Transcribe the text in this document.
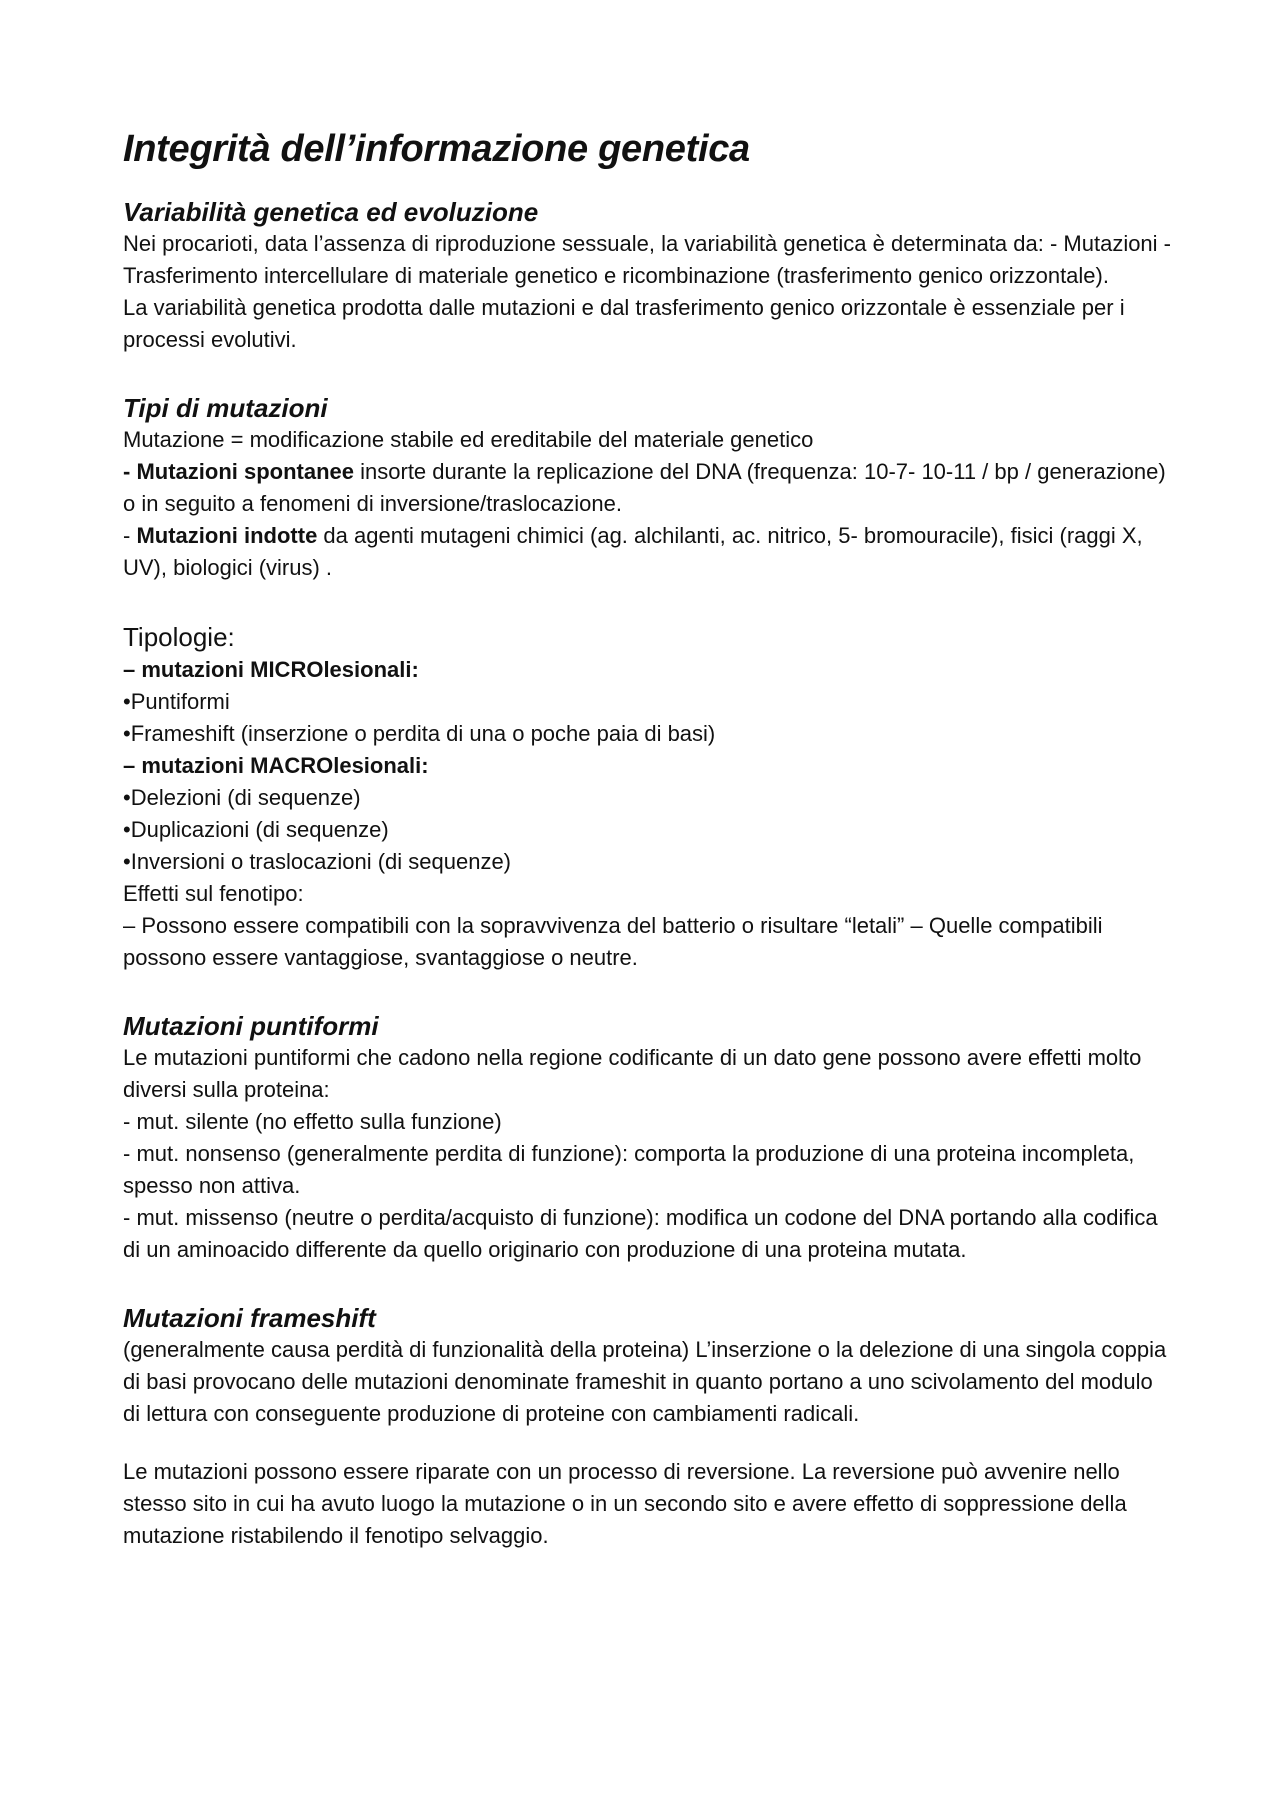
Integrità dell’informazione genetica
Variabilità genetica ed evoluzione

Nei procarioti, data l’assenza di riproduzione sessuale, la variabilità genetica è determinata da: - Mutazioni - Trasferimento intercellulare di materiale genetico e ricombinazione (trasferimento genico orizzontale).

La variabilità genetica prodotta dalle mutazioni e dal trasferimento genico orizzontale è essenziale per i processi evolutivi.

Tipi di mutazioni

Mutazione = modificazione stabile ed ereditabile del materiale genetico

- Mutazioni spontanee insorte durante la replicazione del DNA (frequenza: 10-7- 10-11 / bp / generazione) o in seguito a fenomeni di inversione/traslocazione.

- Mutazioni indotte da agenti mutageni chimici (ag. alchilanti, ac. nitrico, 5- bromouracile), fisici (raggi X, UV), biologici (virus) .

Tipologie:

– mutazioni MICROlesionali:

•Puntiformi

•Frameshift (inserzione o perdita di una o poche paia di basi)

– mutazioni MACROlesionali:

•Delezioni (di sequenze)

•Duplicazioni (di sequenze)

•Inversioni o traslocazioni (di sequenze)

Effetti sul fenotipo:

– Possono essere compatibili con la sopravvivenza del batterio o risultare “letali” – Quelle compatibili possono essere vantaggiose, svantaggiose o neutre.

Mutazioni puntiformi

Le mutazioni puntiformi che cadono nella regione codificante di un dato gene possono avere effetti molto diversi sulla proteina:

- mut. silente (no effetto sulla funzione)

- mut. nonsenso (generalmente perdita di funzione): comporta la produzione di una proteina incompleta, spesso non attiva.

- mut. missenso (neutre o perdita/acquisto di funzione): modifica un codone del DNA portando alla codifica di un aminoacido differente da quello originario con produzione di una proteina mutata.

Mutazioni frameshift

(generalmente causa perdità di funzionalità della proteina) L’inserzione o la delezione di una singola coppia di basi provocano delle mutazioni denominate frameshit in quanto portano a uno scivolamento del modulo di lettura con conseguente produzione di proteine con cambiamenti radicali.

Le mutazioni possono essere riparate con un processo di reversione. La reversione può avvenire nello stesso sito in cui ha avuto luogo la mutazione o in un secondo sito e avere effetto di soppressione della mutazione ristabilendo il fenotipo selvaggio.
